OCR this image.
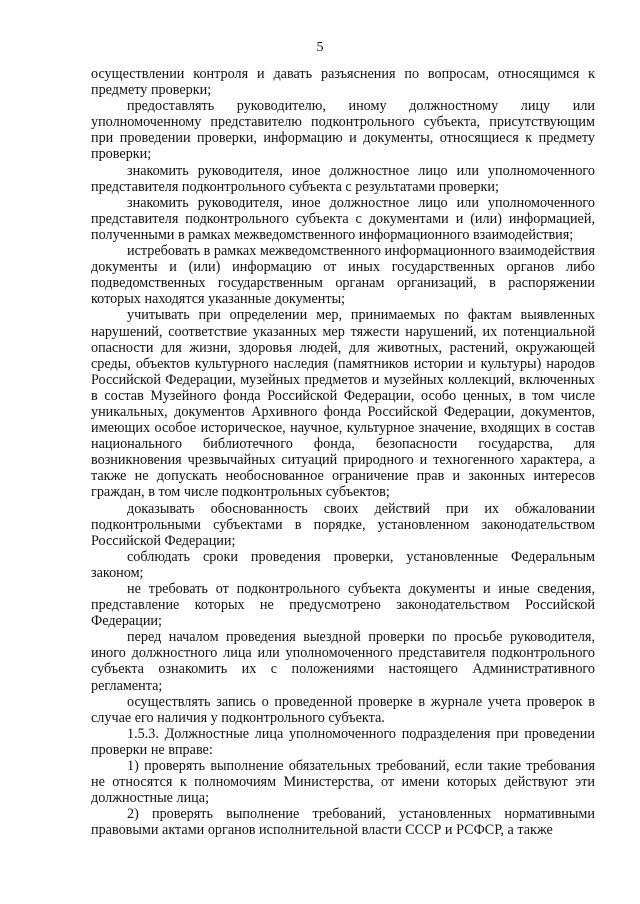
5

осуществлении контроля и давать разъяснения по вопросам, относящимся к предмету проверки;

предоставлять руководителю, иному должностному лицу или уполномоченному представителю подконтрольного субъекта, присутствующим при проведении проверки, информацию и документы, относящиеся к предмету проверки;

знакомить руководителя, иное должностное лицо или уполномоченного представителя подконтрольного субъекта с результатами проверки;

знакомить руководителя, иное должностное лицо или уполномоченного представителя подконтрольного субъекта с документами и (или) информацией, полученными в рамках межведомственного информационного взаимодействия;

истребовать в рамках межведомственного информационного взаимодействия документы и (или) информацию от иных государственных органов либо подведомственных государственным органам организаций, в распоряжении которых находятся указанные документы;

учитывать при определении мер, принимаемых по фактам выявленных нарушений, соответствие указанных мер тяжести нарушений, их потенциальной опасности для жизни, здоровья людей, для животных, растений, окружающей среды, объектов культурного наследия (памятников истории и культуры) народов Российской Федерации, музейных предметов и музейных коллекций, включенных в состав Музейного фонда Российской Федерации, особо ценных, в том числе уникальных, документов Архивного фонда Российской Федерации, документов, имеющих особое историческое, научное, культурное значение, входящих в состав национального библиотечного фонда, безопасности государства, для возникновения чрезвычайных ситуаций природного и техногенного характера, а также не допускать необоснованное ограничение прав и законных интересов граждан, в том числе подконтрольных субъектов;

доказывать обоснованность своих действий при их обжаловании подконтрольными субъектами в порядке, установленном законодательством Российской Федерации;

соблюдать сроки проведения проверки, установленные Федеральным законом;

не требовать от подконтрольного субъекта документы и иные сведения, представление которых не предусмотрено законодательством Российской Федерации;

перед началом проведения выездной проверки по просьбе руководителя, иного должностного лица или уполномоченного представителя подконтрольного субъекта ознакомить их с положениями настоящего Административного регламента;

осуществлять запись о проведенной проверке в журнале учета проверок в случае его наличия у подконтрольного субъекта.

1.5.3. Должностные лица уполномоченного подразделения при проведении проверки не вправе:

1) проверять выполнение обязательных требований, если такие требования не относятся к полномочиям Министерства, от имени которых действуют эти должностные лица;

2) проверять выполнение требований, установленных нормативными правовыми актами органов исполнительной власти СССР и РСФСР, а также
